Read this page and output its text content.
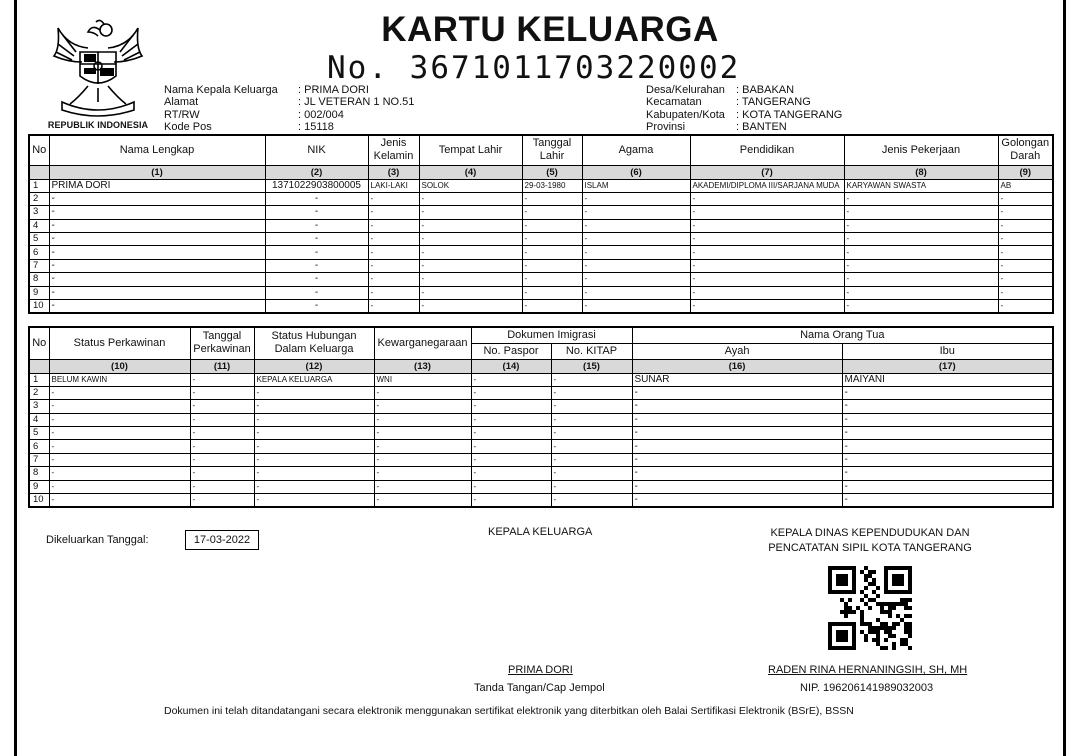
REPUBLIK INDONESIA
KARTU KELUARGA
No. 3671011703220002
Nama Kepala Keluarga	: PRIMA DORI
Alamat	: JL VETERAN 1 NO.51
RT/RW	: 002/004
Kode Pos	: 15118
Desa/Kelurahan	: BABAKAN
Kecamatan	: TANGERANG
Kabupaten/Kota	: KOTA TANGERANG
Provinsi	: BANTEN
No	Nama Lengkap	NIK	Jenis Kelamin	Tempat Lahir	Tanggal Lahir	Agama	Pendidikan	Jenis Pekerjaan	Golongan Darah
	(1)	(2)	(3)	(4)	(5)	(6)	(7)	(8)	(9)
1	PRIMA DORI	1371022903800005	LAKI-LAKI	SOLOK	29-03-1980	ISLAM	AKADEMI/DIPLOMA III/SARJANA MUDA	KARYAWAN SWASTA	AB
2	-	-	-	-	-	-	-	-	-
3	-	-	-	-	-	-	-	-	-
4	-	-	-	-	-	-	-	-	-
5	-	-	-	-	-	-	-	-	-
6	-	-	-	-	-	-	-	-	-
7	-	-	-	-	-	-	-	-	-
8	-	-	-	-	-	-	-	-	-
9	-	-	-	-	-	-	-	-	-
10	-	-	-	-	-	-	-	-	-
No	Status Perkawinan	Tanggal Perkawinan	Status Hubungan Dalam Keluarga	Kewarganegaraan	Dokumen Imigrasi		Nama Orang Tua	
					No. Paspor	No. KITAP	Ayah	Ibu
	(10)	(11)	(12)	(13)	(14)	(15)	(16)	(17)
1	BELUM KAWIN	-	KEPALA KELUARGA	WNI	-	-	SUNAR	MAIYANI
2	-	-	-	-	-	-	-	-
3	-	-	-	-	-	-	-	-
4	-	-	-	-	-	-	-	-
5	-	-	-	-	-	-	-	-
6	-	-	-	-	-	-	-	-
7	-	-	-	-	-	-	-	-
8	-	-	-	-	-	-	-	-
9	-	-	-	-	-	-	-	-
10	-	-	-	-	-	-	-	-
Dikeluarkan Tanggal:	17-03-2022
KEPALA KELUARGA
PRIMA DORI
Tanda Tangan/Cap Jempol
KEPALA DINAS KEPENDUDUKAN DAN
PENCATATAN SIPIL KOTA TANGERANG
RADEN RINA HERNANINGSIH, SH, MH
NIP. 196206141989032003
Dokumen ini telah ditandatangani secara elektronik menggunakan sertifikat elektronik yang diterbitkan oleh Balai Sertifikasi Elektronik (BSrE), BSSN
